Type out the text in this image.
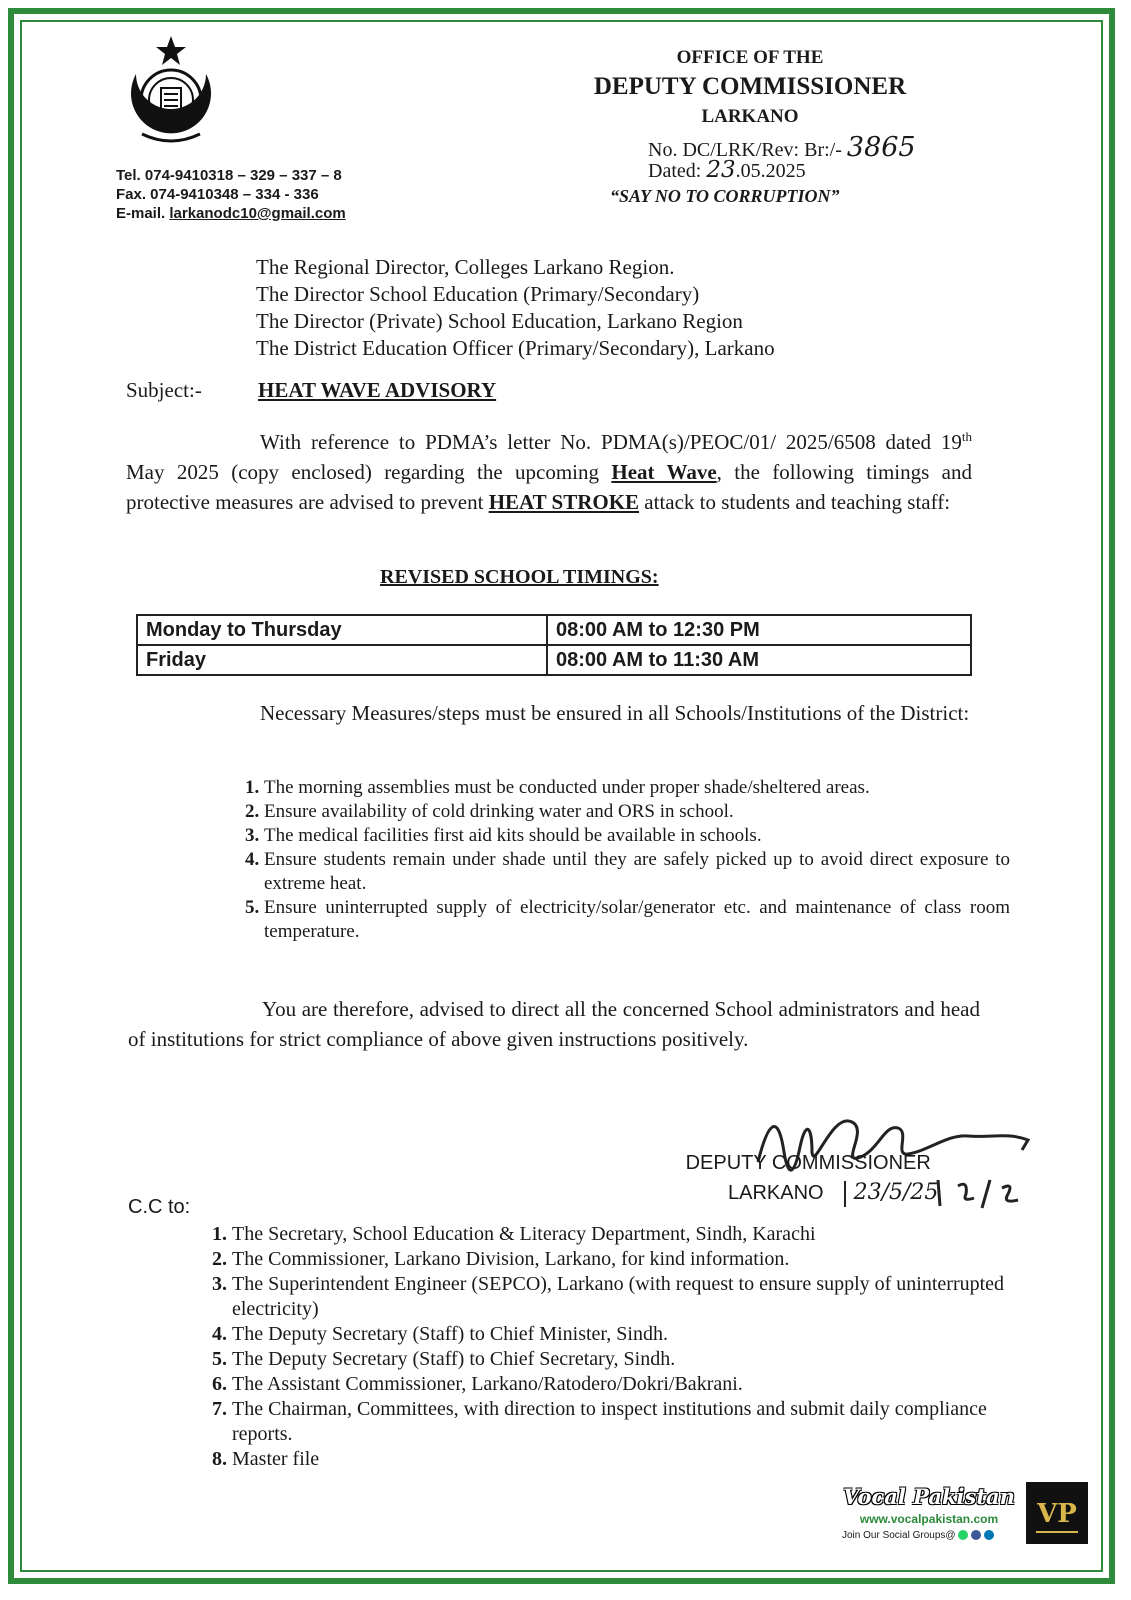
Tel. 074-9410318 – 329 – 337 – 8
Fax. 074-9410348 – 334 - 336
E-mail. larkanodc10@gmail.com
OFFICE OF THE
DEPUTY COMMISSIONER
LARKANO
No. DC/LRK/Rev: Br:/- 3865
Dated: 23.05.2025
“SAY NO TO CORRUPTION”
The Regional Director, Colleges Larkano Region.
The Director School Education (Primary/Secondary)
The Director (Private) School Education, Larkano Region
The District Education Officer (Primary/Secondary), Larkano
Subject:-	HEAT WAVE ADVISORY
With reference to PDMA’s letter No. PDMA(s)/PEOC/01/ 2025/6508 dated 19th May 2025 (copy enclosed) regarding the upcoming Heat Wave, the following timings and protective measures are advised to prevent HEAT STROKE attack to students and teaching staff:
REVISED SCHOOL TIMINGS:
Monday to Thursday	08:00 AM to 12:30 PM
Friday	08:00 AM to 11:30 AM
Necessary Measures/steps must be ensured in all Schools/Institutions of the District:
1. The morning assemblies must be conducted under proper shade/sheltered areas.
2. Ensure availability of cold drinking water and ORS in school.
3. The medical facilities first aid kits should be available in schools.
4. Ensure students remain under shade until they are safely picked up to avoid direct exposure to extreme heat.
5. Ensure uninterrupted supply of electricity/solar/generator etc. and maintenance of class room temperature.
You are therefore, advised to direct all the concerned School administrators and head of institutions for strict compliance of above given instructions positively.
DEPUTY COMMISSIONER
LARKANO 23/5/25
C.C to:
1. The Secretary, School Education & Literacy Department, Sindh, Karachi
2. The Commissioner, Larkano Division, Larkano, for kind information.
3. The Superintendent Engineer (SEPCO), Larkano (with request to ensure supply of uninterrupted electricity)
4. The Deputy Secretary (Staff) to Chief Minister, Sindh.
5. The Deputy Secretary (Staff) to Chief Secretary, Sindh.
6. The Assistant Commissioner, Larkano/Ratodero/Dokri/Bakrani.
7. The Chairman, Committees, with direction to inspect institutions and submit daily compliance reports.
8. Master file
Vocal Pakistan
www.vocalpakistan.com
Join Our Social Groups@
VP
